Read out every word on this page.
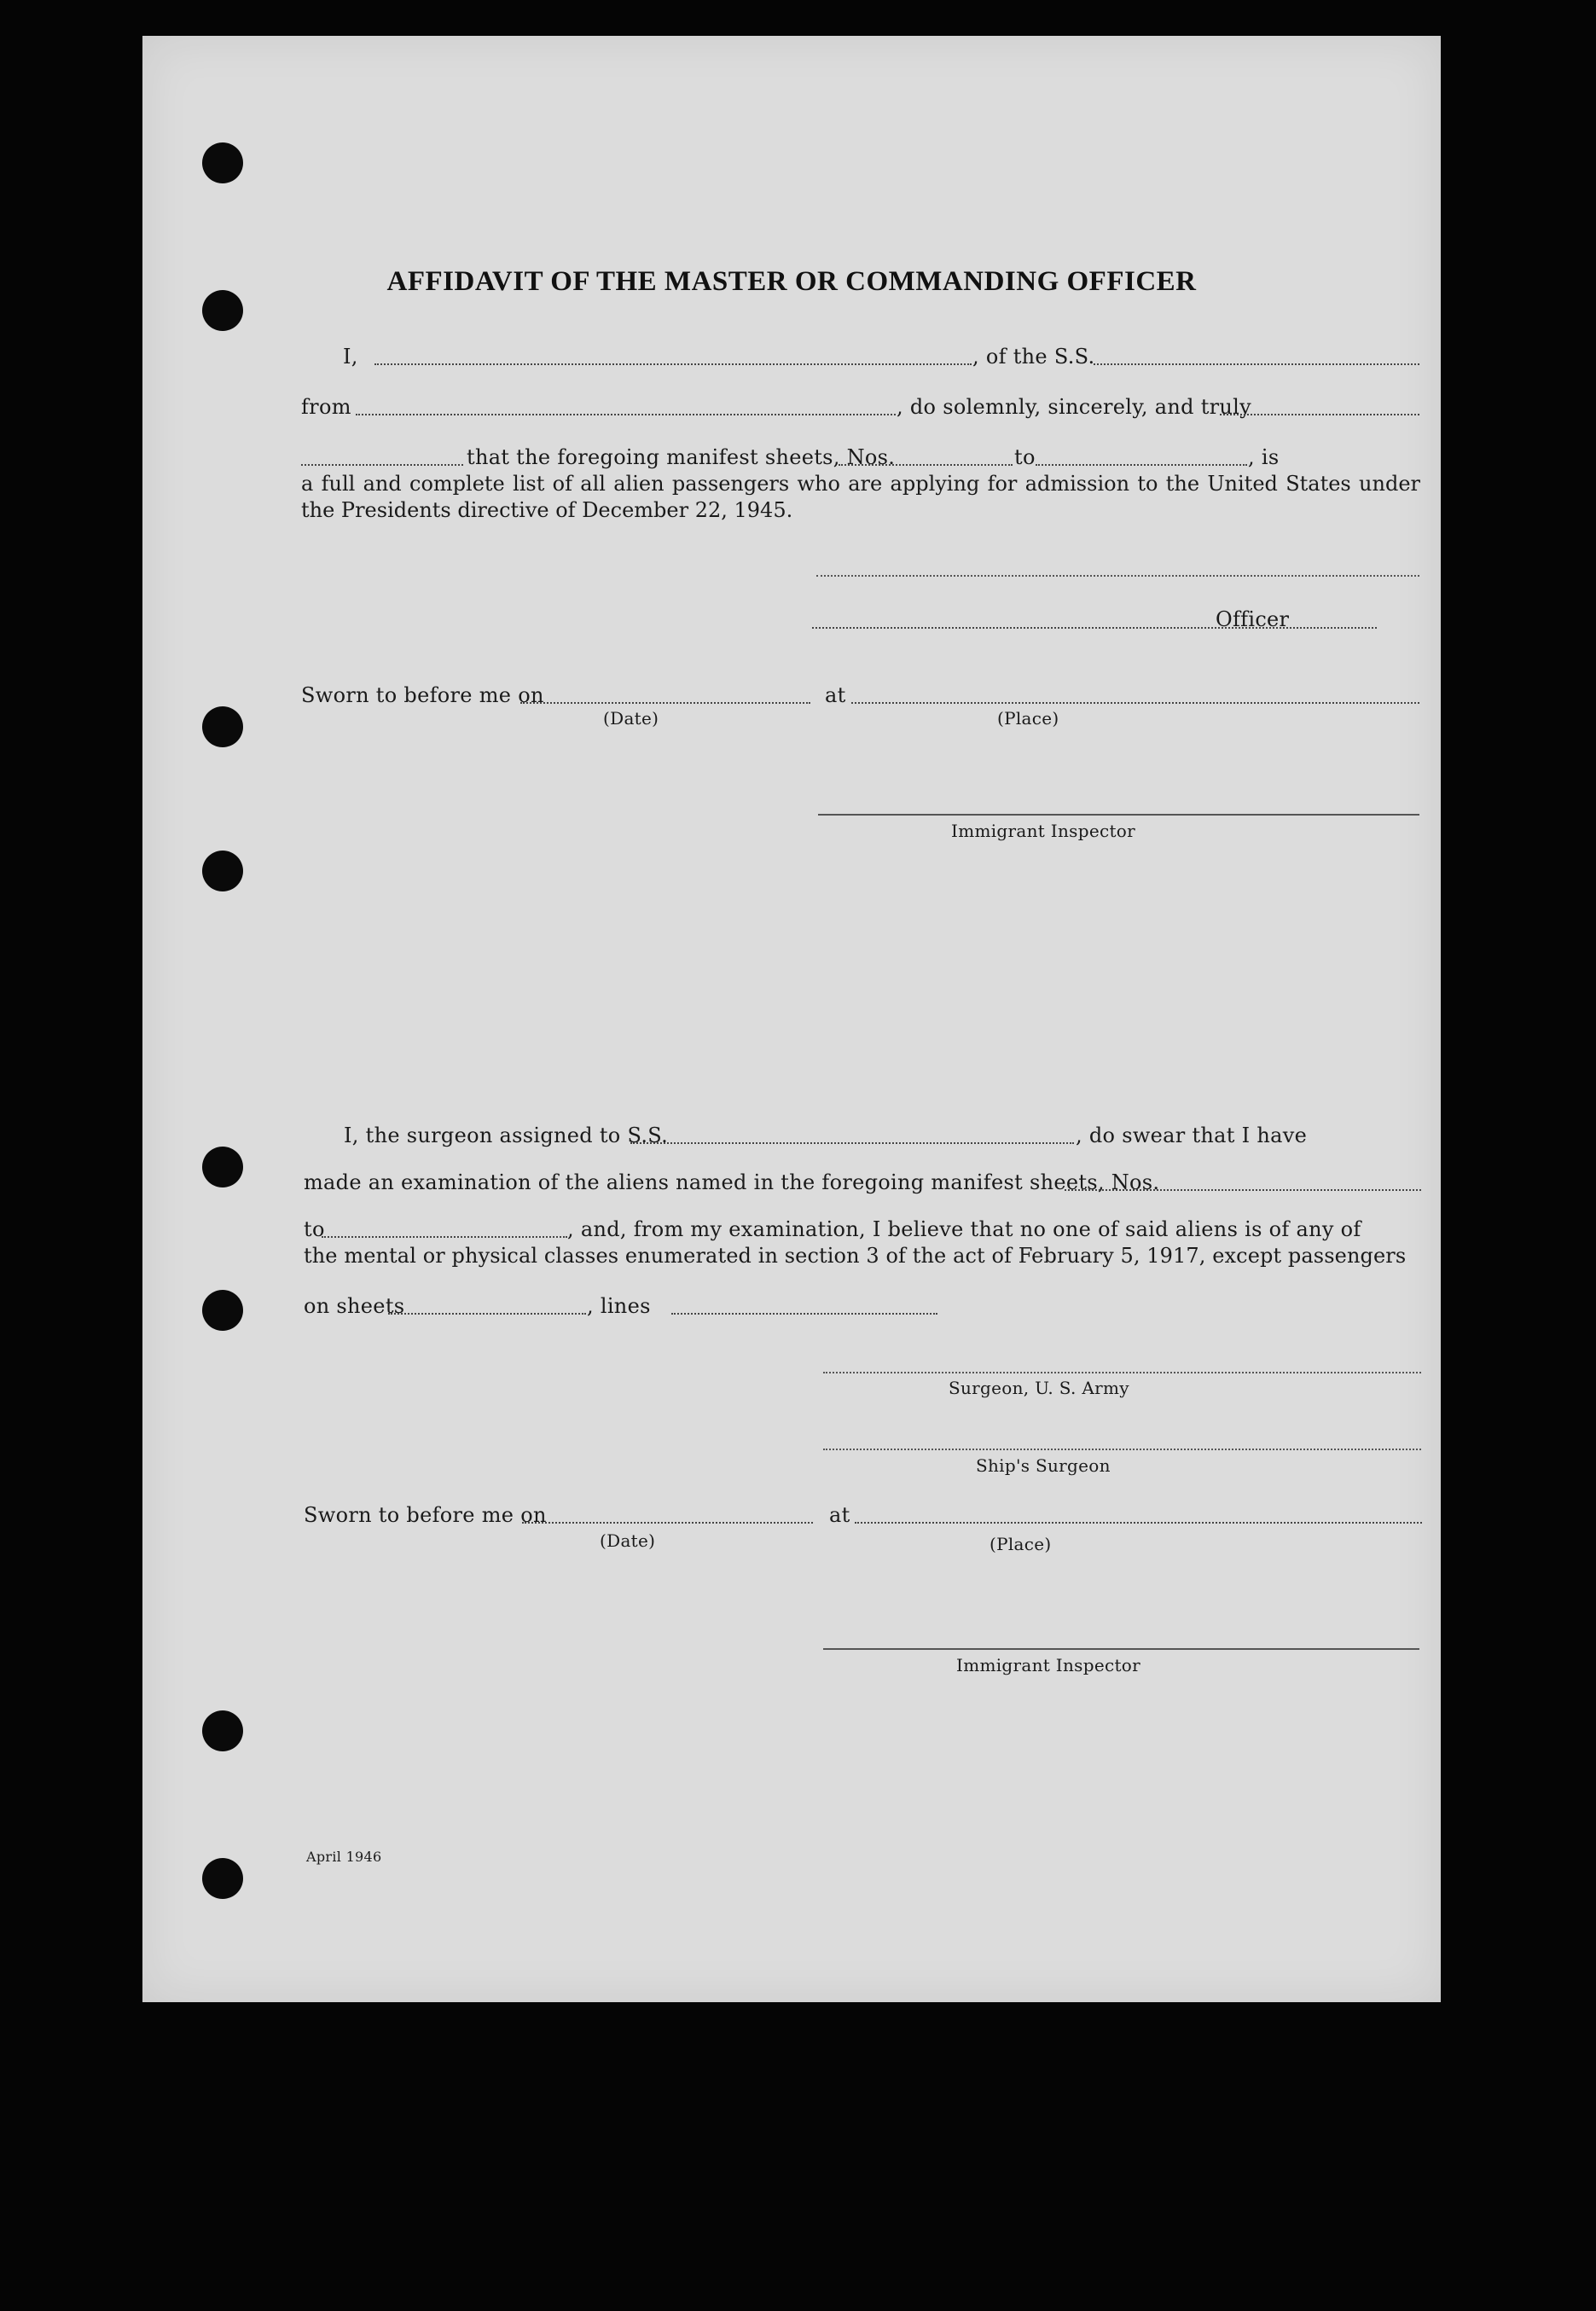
AFFIDAVIT OF THE MASTER OR COMMANDING OFFICER
I,	, of the S.S.
from	, do solemnly, sincerely, and truly
that the foregoing manifest sheets, Nos.	to	, is
a full and complete list of all alien passengers who are applying for admission to the United States under the Presidents directive of December 22, 1945.
Officer
Sworn to before me on
(Date)
at
(Place)
Immigrant Inspector
I, the surgeon assigned to S.S.	, do swear that I have
made an examination of the aliens named in the foregoing manifest sheets, Nos.
to	, and, from my examination, I believe that no one of said aliens is of any of
the mental or physical classes enumerated in section 3 of the act of February 5, 1917, except passengers
on sheets	, lines
Surgeon, U. S. Army
Ship's Surgeon
Sworn to before me on
(Date)
at
(Place)
Immigrant Inspector
April 1946
